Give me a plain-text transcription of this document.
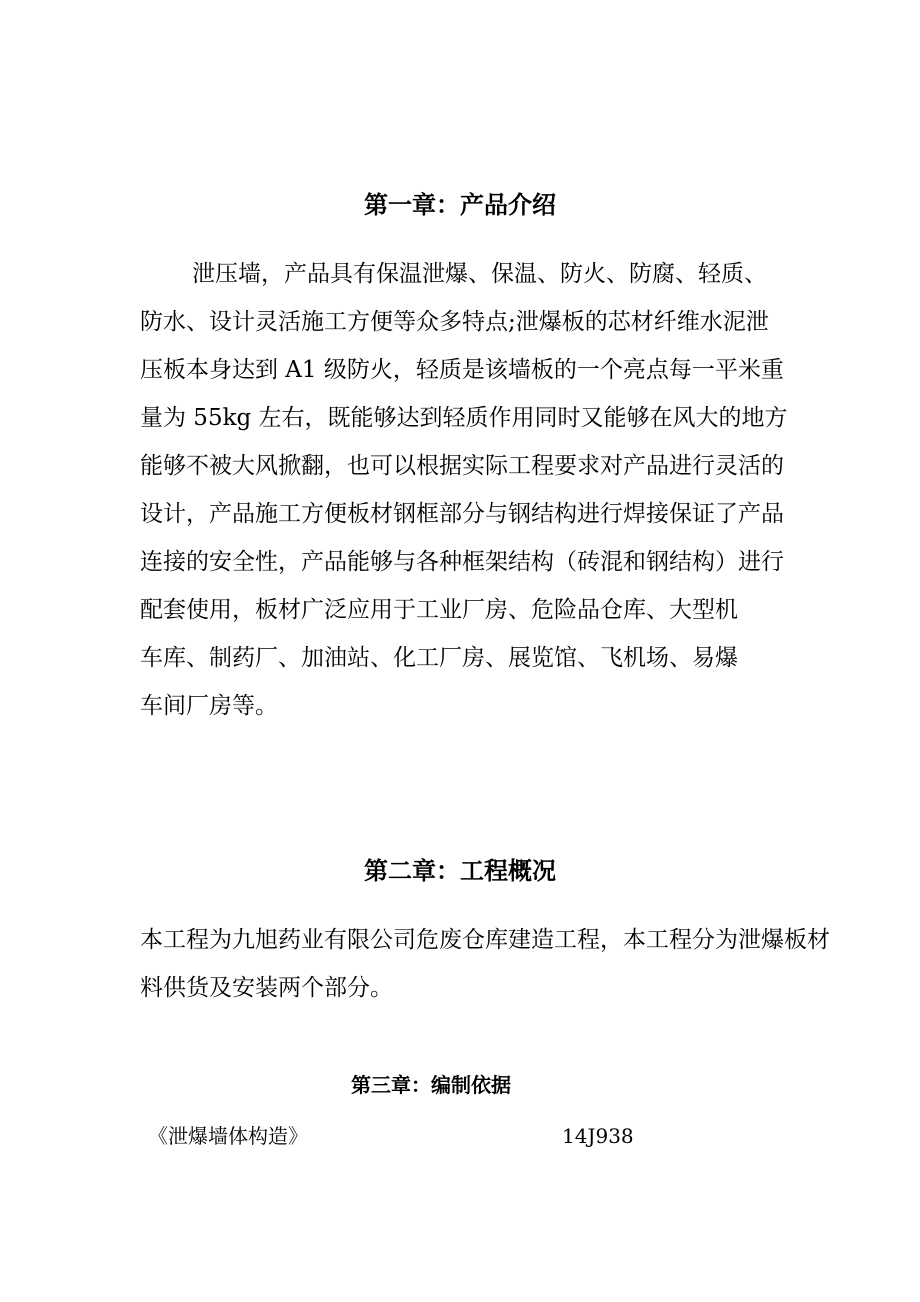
第一章：产品介绍
泄压墙，产品具有保温泄爆、保温、防火、防腐、轻质、
防水、设计灵活施工方便等众多特点;泄爆板的芯材纤维水泥泄
压板本身达到 A1 级防火，轻质是该墙板的一个亮点每一平米重
量为 55kg 左右，既能够达到轻质作用同时又能够在风大的地方
能够不被大风掀翻，也可以根据实际工程要求对产品进行灵活的
设计，产品施工方便板材钢框部分与钢结构进行焊接保证了产品
连接的安全性，产品能够与各种框架结构（砖混和钢结构）进行
配套使用，板材广泛应用于工业厂房、危险品仓库、大型机
车库、制药厂、加油站、化工厂房、展览馆、飞机场、易爆
车间厂房等。
第二章：工程概况
本工程为九旭药业有限公司危废仓库建造工程，本工程分为泄爆板材
料供货及安装两个部分。
第三章：编制依据
《泄爆墙体构造》	14J938
